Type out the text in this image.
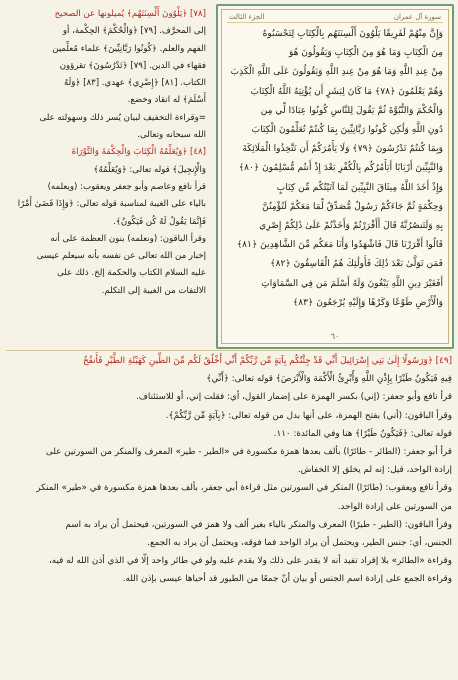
سورة آل عمران
الجزء الثالث
وَإِنَّ مِنْهُمْ لَفَرِيقًا يَلْوُونَ أَلْسِنَتَهُم بِالْكِتَابِ لِتَحْسَبُوهُ
مِنَ الْكِتَابِ وَمَا هُوَ مِنَ الْكِتَابِ وَيَقُولُونَ هُوَ
مِنْ عِندِ اللَّهِ وَمَا هُوَ مِنْ عِندِ اللَّهِ وَيَقُولُونَ عَلَى اللَّهِ الْكَذِبَ
وَهُمْ يَعْلَمُونَ ﴿٧٨﴾ مَا كَانَ لِبَشَرٍ أَن يُؤْتِيَهُ اللَّهُ الْكِتَابَ
وَالْحُكْمَ وَالنُّبُوَّةَ ثُمَّ يَقُولَ لِلنَّاسِ كُونُوا عِبَادًا لِّي مِن
دُونِ اللَّهِ وَلَٰكِن كُونُوا رَبَّانِيِّينَ بِمَا كُنتُمْ تُعَلِّمُونَ الْكِتَابَ
وَبِمَا كُنتُمْ تَدْرُسُونَ ﴿٧٩﴾ وَلَا يَأْمُرَكُمْ أَن تَتَّخِذُوا الْمَلَائِكَةَ
وَالنَّبِيِّينَ أَرْبَابًا أَيَأْمُرُكُم بِالْكُفْرِ بَعْدَ إِذْ أَنتُم مُّسْلِمُونَ ﴿٨٠﴾
وَإِذْ أَخَذَ اللَّهُ مِيثَاقَ النَّبِيِّينَ لَمَا آتَيْتُكُم مِّن كِتَابٍ
وَحِكْمَةٍ ثُمَّ جَاءَكُمْ رَسُولٌ مُّصَدِّقٌ لِّمَا مَعَكُمْ لَتُؤْمِنُنَّ
بِهِ وَلَتَنصُرُنَّهُ قَالَ أَأَقْرَرْتُمْ وَأَخَذْتُمْ عَلَىٰ ذَٰلِكُمْ إِصْرِي
قَالُوا أَقْرَرْنَا قَالَ فَاشْهَدُوا وَأَنَا مَعَكُم مِّنَ الشَّاهِدِينَ ﴿٨١﴾
فَمَن تَوَلَّىٰ بَعْدَ ذَٰلِكَ فَأُولَٰئِكَ هُمُ الْفَاسِقُونَ ﴿٨٢﴾
أَفَغَيْرَ دِينِ اللَّهِ يَبْغُونَ وَلَهُ أَسْلَمَ مَن فِي السَّمَاوَاتِ
وَالْأَرْضِ طَوْعًا وَكَرْهًا وَإِلَيْهِ يُرْجَعُونَ ﴿٨٣﴾
٦٠
[٧٨] ﴿يَلْوُونَ أَلْسِنَتَهُم﴾ يُميلونها عن الصحيح
إلى المحرَّف. [٧٩] ﴿وَالْحُكْمَ﴾ الحِكْمة، أو
الفهم والعلم. ﴿كُونُوا رَبَّانِيِّينَ﴾ علماء مُعلِّمين
فقهاء في الدين. [٧٩] ﴿تَدْرُسُونَ﴾ تقرؤون
الكتاب. [٨١] ﴿إِصْرِي﴾ عهدي. [٨٣] ﴿وَلَهُ
أَسْلَمَ﴾ له انقاد وخضع.
=وقراءة التخفيف لبيان يُسر ذلك وسهولته على
الله سبحانه وتعالى.
[٤٨] ﴿وَيُعَلِّمُهُ الْكِتَابَ وَالْحِكْمَةَ وَالتَّوْرَاةَ
وَالْإِنجِيلَ﴾ قوله تعالى: ﴿وَيُعَلِّمُهُ﴾
قرأ نافع وعاصم وأبو جعفر ويعقوب: (ويعلمه)
بالياء على الغيبة لمناسبة قوله تعالى: ﴿وَإِذَا قَضَىٰ أَمْرًا
فَإِنَّمَا يَقُولُ لَهُ كُن فَيَكُونُ﴾.
وقرأ الباقون: (ونعلمه) بنون العظمة على أنه
إخبار من الله تعالى عن نفسه بأنه سيعلم عيسى
عليه السلام الكتاب والحكمة إلخ. ذلك على
الالتفات من الغيبة إلى التكلم.
[٤٩] ﴿وَرَسُولًا إِلَىٰ بَنِي إِسْرَائِيلَ أَنِّي قَدْ جِئْتُكُم بِآيَةٍ مِّن رَّبِّكُمْ أَنِّي أَخْلُقُ لَكُم مِّنَ الطِّينِ كَهَيْئَةِ الطَّيْرِ فَأَنفُخُ
فِيهِ فَيَكُونُ طَيْرًا بِإِذْنِ اللَّهِ وَأُبْرِئُ الْأَكْمَهَ وَالْأَبْرَصَ﴾ قوله تعالى: ﴿أَنِّي﴾
قرأ نافع وأبو جعفر: (إني) بكسر الهمزة على إضمار القول، أي: فقلت إني، أو للاستئناف.
وقرأ الباقون: (أني) بفتح الهمزة، على أنها بدل من قوله تعالى: ﴿بِآيَةٍ مِّن رَّبِّكُمْ﴾.
قوله تعالى: ﴿فَيَكُونُ طَيْرًا﴾ هنا وفي المائدة: ١١٠.
قرأ أبو جعفر: (الطائر - طائرًا) بألف بعدها همزة مكسورة في «الطير - طير» المعرف والمنكر من السورتين على
إرادة الواحد، قيل: إنه لم يخلق إلا الخفاش.
وقرأ نافع ويعقوب: (طائرًا) المنكر في السورتين مثل قراءة أبي جعفر، بألف بعدها همزة مكسورة في «طير» المنكر
من السورتين على إرادة الواحد.
وقرأ الباقون: (الطير - طيرًا) المعرف والمنكر بالياء بغير ألف ولا همز في السورتين، فيحتمل أن يراد به اسم
الجنس، أي: جنس الطير، ويحتمل أن يراد الواحد فما فوقه، ويحتمل أن يراد به الجمع.
وقراءة «الطائر» بلا إفراد تفيد أنه لا يقدر على ذلك ولا يقدم عليه ولو في طائر واحد إلّا في الذي أذن الله له فيه،
وقراءة الجمع على إرادة اسم الجنس أو بيان أنّ جمعًا من الطيور قد أحياها عيسى بإذن الله.
